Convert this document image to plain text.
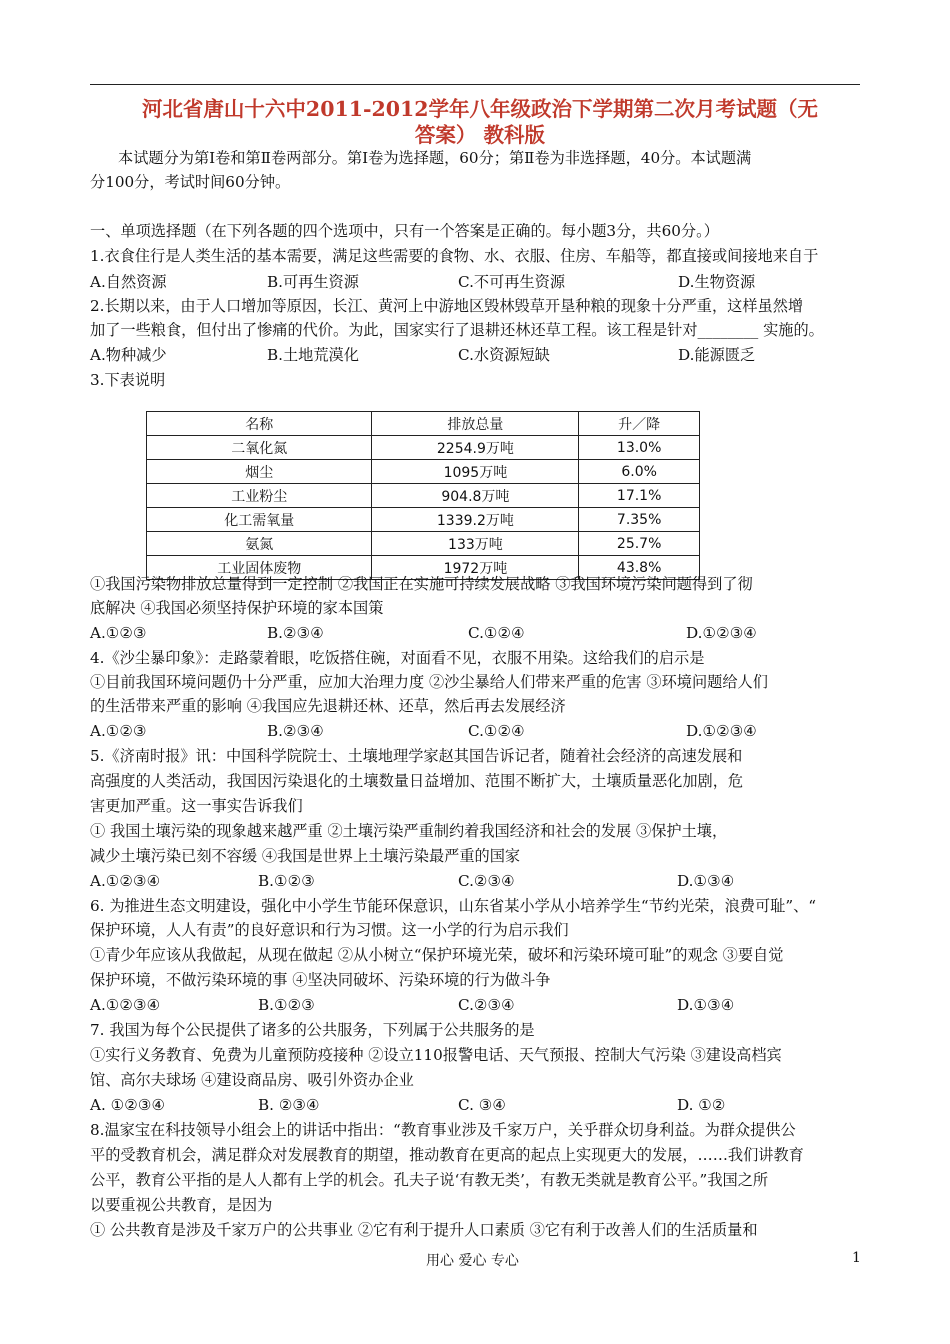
河北省唐山十六中2011-2012学年八年级政治下学期第二次月考试题（无
答案） 教科版
本试题分为第Ⅰ卷和第Ⅱ卷两部分。第Ⅰ卷为选择题，60分；第Ⅱ卷为非选择题，40分。本试题满
分100分，考试时间60分钟。
一、单项选择题（在下列各题的四个选项中，只有一个答案是正确的。每小题3分，共60分。）
1.衣食住行是人类生活的基本需要，满足这些需要的食物、水、衣服、住房、车船等，都直接或间接地来自于
A.自然资源	B.可再生资源	C.不可再生资源	D.生物资源
2.长期以来，由于人口增加等原因，长江、黄河上中游地区毁林毁草开垦种粮的现象十分严重，这样虽然增
加了一些粮食，但付出了惨痛的代价。为此，国家实行了退耕还林还草工程。该工程是针对________ 实施的。
A.物种减少	B.土地荒漠化	C.水资源短缺	D.能源匮乏
3.下表说明
名称	排放总量	升／降
二氧化氮	2254.9万吨	13.0%
烟尘	1095万吨	6.0%
工业粉尘	904.8万吨	17.1%
化工需氧量	1339.2万吨	7.35%
氨氮	133万吨	25.7%
工业固体废物	1972万吨	43.8%
①我国污染物排放总量得到一定控制 ②我国正在实施可持续发展战略 ③我国环境污染问题得到了彻
底解决 ④我国必须坚持保护环境的家本国策
A.①②③	B.②③④	C.①②④	D.①②③④
4.《沙尘暴印象》：走路蒙着眼，吃饭搭住碗，对面看不见，衣服不用染。这给我们的启示是
①目前我国环境问题仍十分严重，应加大治理力度 ②沙尘暴给人们带来严重的危害 ③环境问题给人们
的生活带来严重的影响 ④我国应先退耕还林、还草，然后再去发展经济
A.①②③	B.②③④	C.①②④	D.①②③④
5.《济南时报》讯：中国科学院院士、土壤地理学家赵其国告诉记者，随着社会经济的高速发展和
高强度的人类活动，我国因污染退化的土壤数量日益增加、范围不断扩大，土壤质量恶化加剧，危
害更加严重。这一事实告诉我们
① 我国土壤污染的现象越来越严重 ②土壤污染严重制约着我国经济和社会的发展 ③保护土壤，
减少土壤污染已刻不容缓 ④我国是世界上土壤污染最严重的国家
A.①②③④	B.①②③	C.②③④	D.①③④
6. 为推进生态文明建设，强化中小学生节能环保意识，山东省某小学从小培养学生“节约光荣，浪费可耻”、“
保护环境，人人有责”的良好意识和行为习惯。这一小学的行为启示我们
①青少年应该从我做起，从现在做起 ②从小树立“保护环境光荣，破坏和污染环境可耻”的观念 ③要自觉
保护环境，不做污染环境的事 ④坚决同破坏、污染环境的行为做斗争
A.①②③④	B.①②③	C.②③④	D.①③④
7. 我国为每个公民提供了诸多的公共服务，下列属于公共服务的是
①实行义务教育、免费为儿童预防疫接种 ②设立110报警电话、天气预报、控制大气污染 ③建设高档宾
馆、高尔夫球场 ④建设商品房、吸引外资办企业
A. ①②③④	B. ②③④	C. ③④	D. ①②
8.温家宝在科技领导小组会上的讲话中指出：“教育事业涉及千家万户，关乎群众切身利益。为群众提供公
平的受教育机会，满足群众对发展教育的期望，推动教育在更高的起点上实现更大的发展，……我们讲教育
公平，教育公平指的是人人都有上学的机会。孔夫子说‘有教无类’，有教无类就是教育公平。”我国之所
以要重视公共教育，是因为
① 公共教育是涉及千家万户的公共事业 ②它有利于提升人口素质 ③它有利于改善人们的生活质量和
用心 爱心 专心	1
